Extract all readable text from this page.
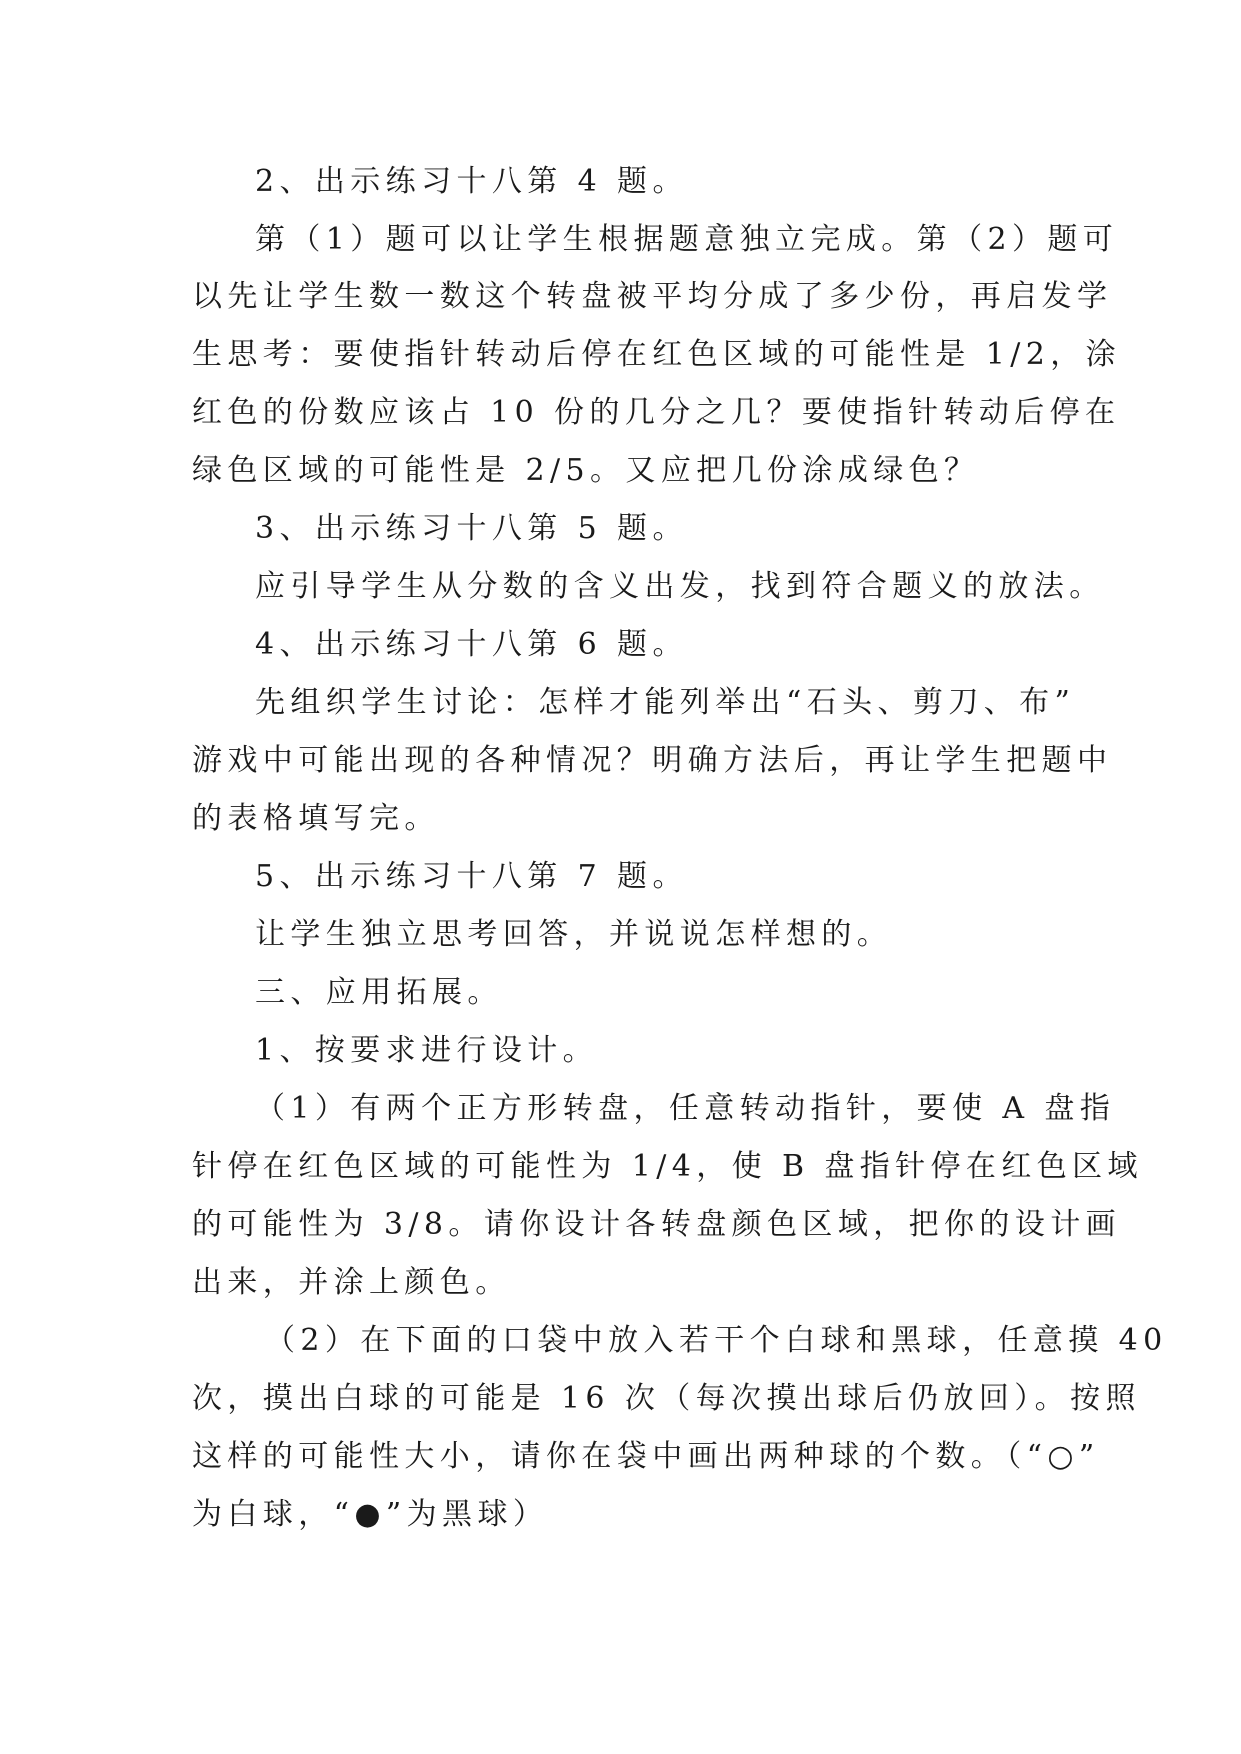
2、出示练习十八第 4 题。
第（1）题可以让学生根据题意独立完成。第（2）题可
以先让学生数一数这个转盘被平均分成了多少份，再启发学
生思考：要使指针转动后停在红色区域的可能性是 1/2，涂
红色的份数应该占 10 份的几分之几？要使指针转动后停在
绿色区域的可能性是 2/5。又应把几份涂成绿色？
3、出示练习十八第 5 题。
应引导学生从分数的含义出发，找到符合题义的放法。
4、出示练习十八第 6 题。
先组织学生讨论：怎样才能列举出“石头、剪刀、布”
游戏中可能出现的各种情况？明确方法后，再让学生把题中
的表格填写完。
5、出示练习十八第 7 题。
让学生独立思考回答，并说说怎样想的。
三、应用拓展。
1、按要求进行设计。
（1）有两个正方形转盘，任意转动指针，要使 A 盘指
针停在红色区域的可能性为 1/4，使 B 盘指针停在红色区域
的可能性为 3/8。请你设计各转盘颜色区域，把你的设计画
出来，并涂上颜色。
（2）在下面的口袋中放入若干个白球和黑球，任意摸 40
次，摸出白球的可能是 16 次（每次摸出球后仍放回）。按照
这样的可能性大小，请你在袋中画出两种球的个数。（“○”
为白球，“●”为黑球）
